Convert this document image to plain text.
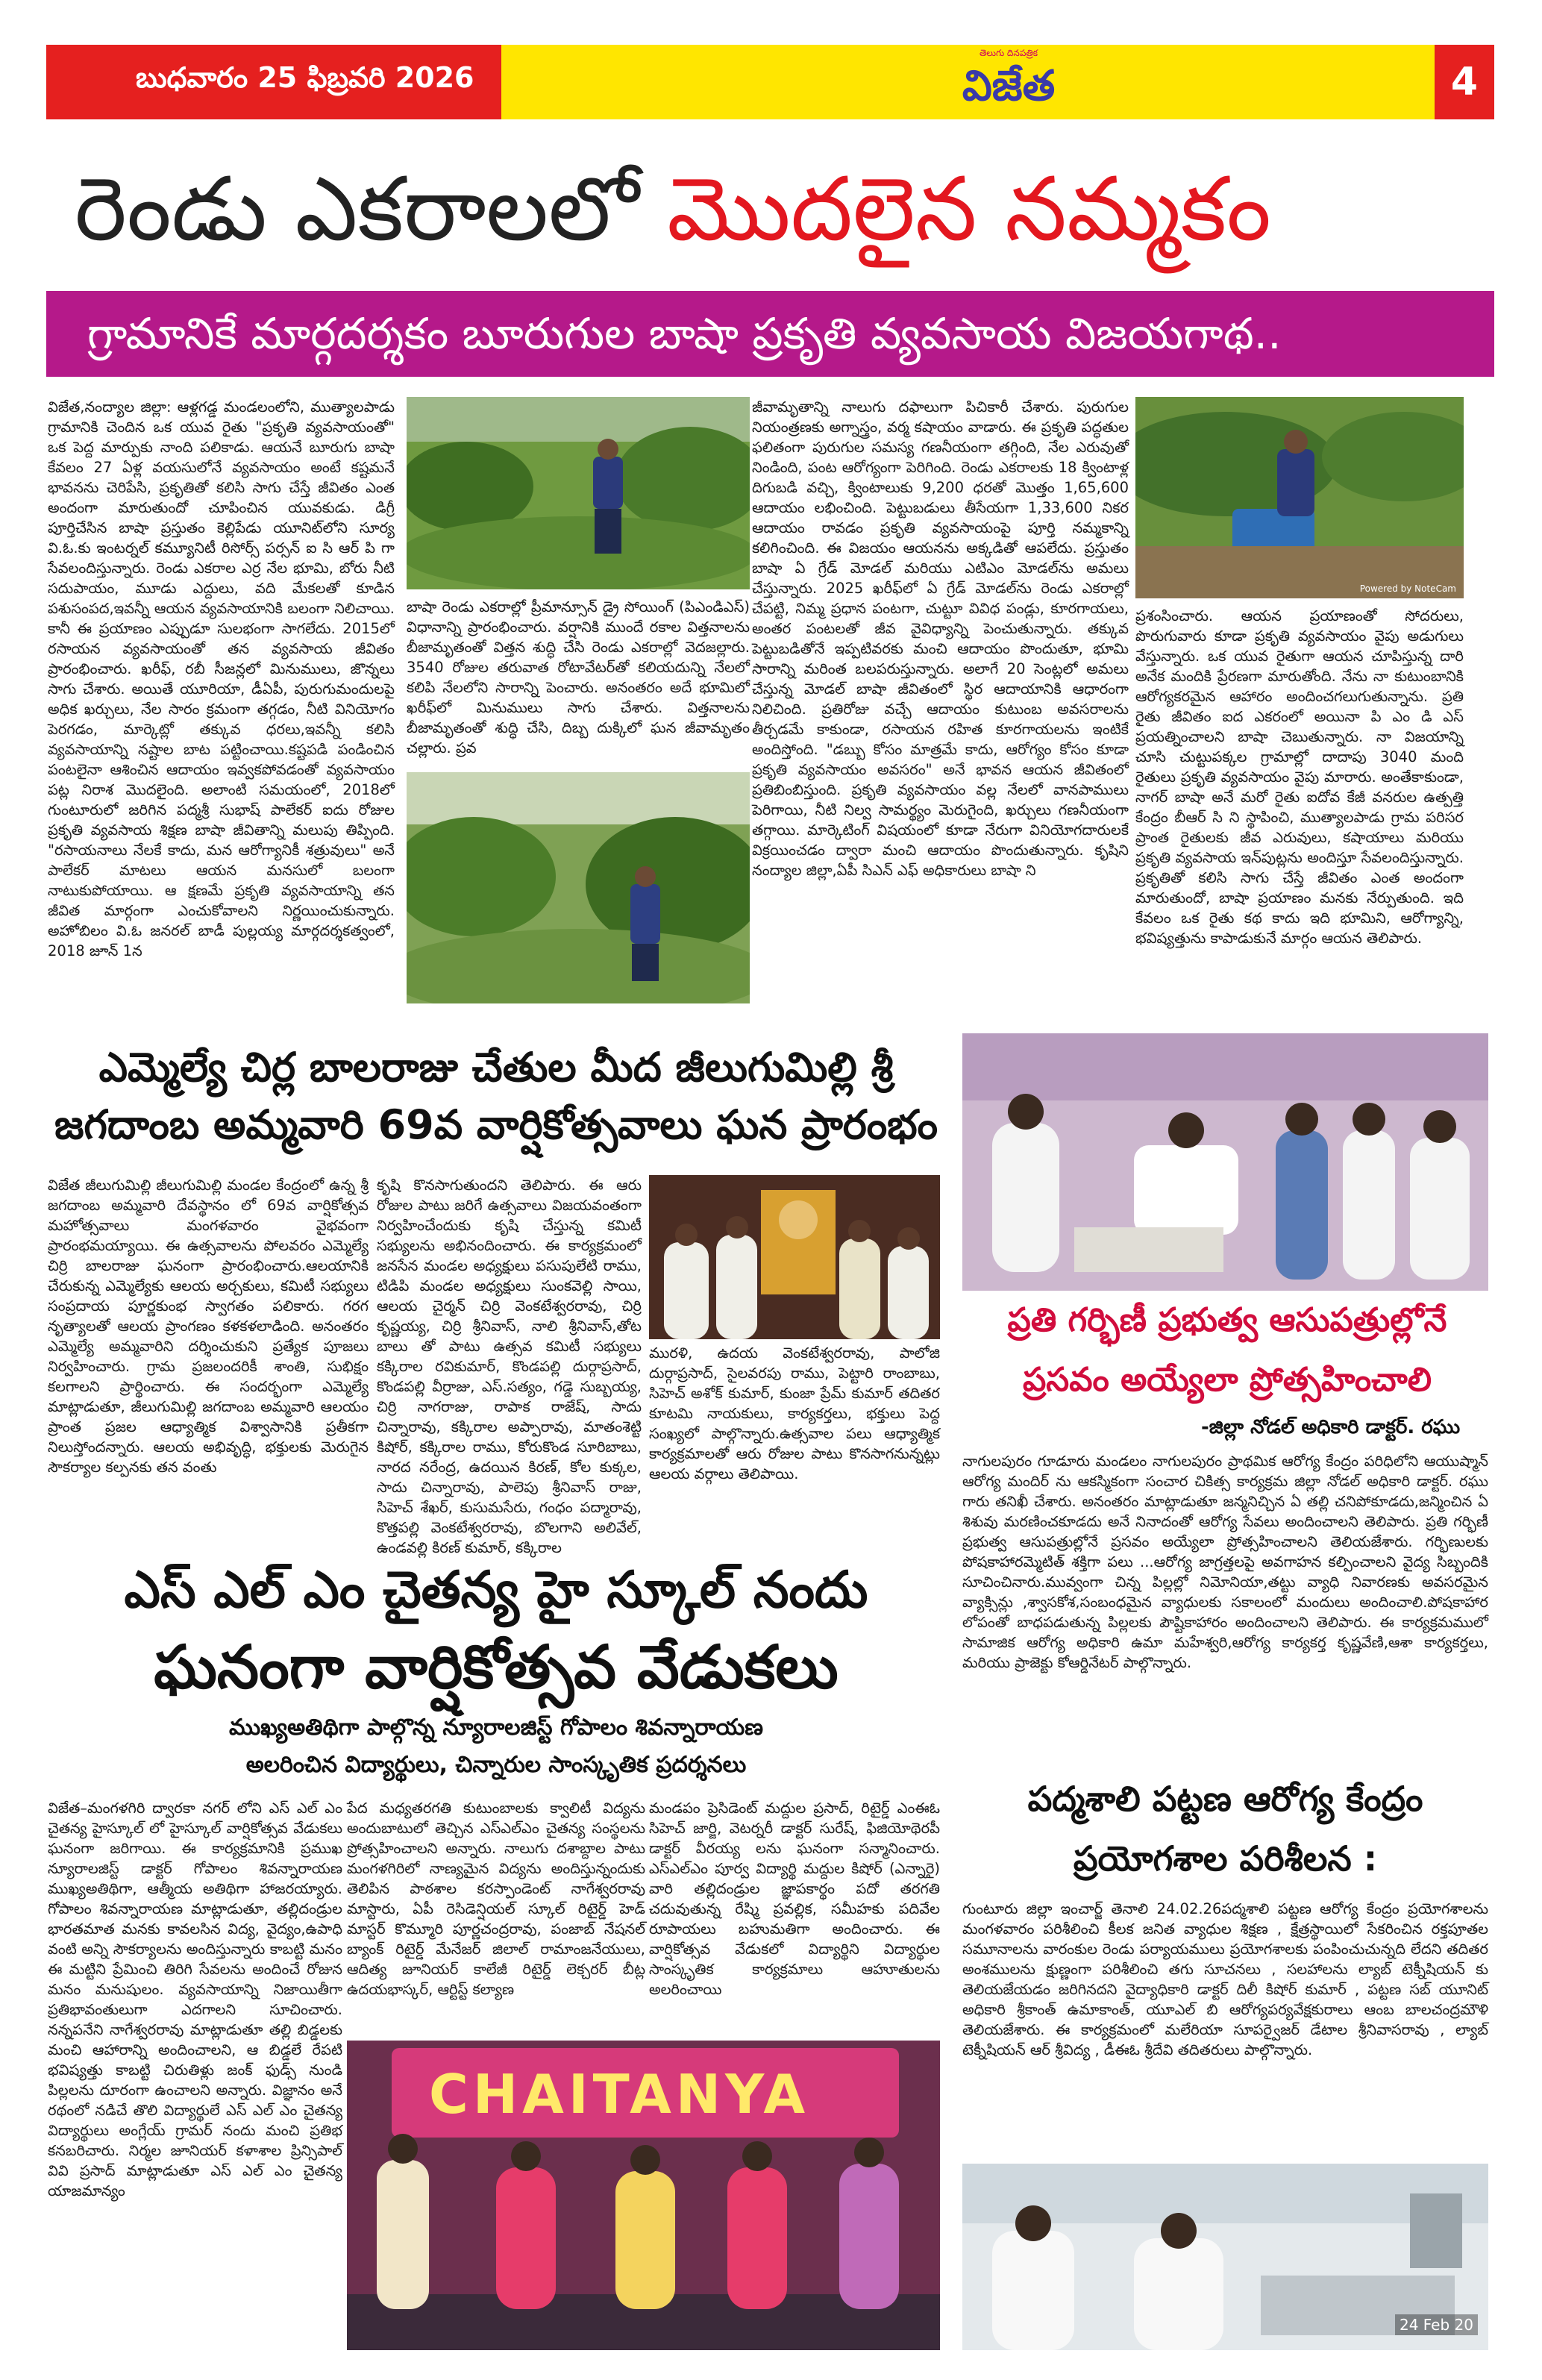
బుధవారం 25 ఫిబ్రవరి 2026
తెలుగు దినపత్రిక
విజేత	4
రెండు ఎకరాలలో మొదలైన నమ్మకం
గ్రామానికే మార్గదర్శకం బూరుగుల బాషా ప్రకృతి వ్యవసాయ విజయగాథ..
విజేత,నంద్యాల జిల్లా: ఆళ్లగడ్డ మండలంలోని, ముత్యాలపాడు గ్రామానికి చెందిన ఒక యువ రైతు "ప్రకృతి వ్యవసాయంతో" ఒక పెద్ద మార్పుకు నాంది పలికాడు. ఆయనే బూరుగు బాషా కేవలం 27 ఏళ్ల వయసులోనే వ్యవసాయం అంటే కష్టమనే భావనను చెరిపేసి, ప్రకృతితో కలిసి సాగు చేస్తే జీవితం ఎంత అందంగా మారుతుందో చూపించిన యువకుడు. డిగ్రీ పూర్తిచేసిన బాషా ప్రస్తుతం కెల్లిపేడు యూనిట్‌లోని సూర్య వి.ఓ.కు ఇంటర్నల్ కమ్యూనిటీ రిసోర్స్ పర్సన్ ఐ సి ఆర్ పి గా సేవలందిస్తున్నారు. రెండు ఎకరాల ఎర్ర నేల భూమి, బోరు నీటి సదుపాయం, మూడు ఎద్దులు, వది మేకలతో కూడిన పశుసంపద,ఇవన్నీ ఆయన వ్యవసాయానికి బలంగా నిలిచాయి. కానీ ఈ ప్రయాణం ఎప్పుడూ సులభంగా సాగలేదు. 2015లో రసాయన వ్యవసాయంతో తన వ్యవసాయ జీవితం ప్రారంభించారు. ఖరీఫ్, రబీ సీజన్లలో మినుములు, జొన్నలు సాగు చేశారు. అయితే యూరియా, డీఏపీ, పురుగుమందులపై అధిక ఖర్చులు, నేల సారం క్రమంగా తగ్గడం, నీటి వినియోగం పెరగడం, మార్కెట్లో తక్కువ ధరలు,ఇవన్నీ కలిసి వ్యవసాయాన్ని నష్టాల బాట పట్టించాయి.కష్టపడి పండించిన పంటలైనా ఆశించిన ఆదాయం ఇవ్వకపోవడంతో వ్యవసాయం పట్ల నిరాశ మొదలైంది. అలాంటి సమయంలో, 2018లో గుంటూరులో జరిగిన పద్మశ్రీ సుభాష్ పాలేకర్ ఐదు రోజుల ప్రకృతి వ్యవసాయ శిక్షణ బాషా జీవితాన్ని మలుపు తిప్పింది. "రసాయనాలు నేలకే కాదు, మన ఆరోగ్యానికీ శత్రువులు" అనే పాలేకర్ మాటలు ఆయన మనసులో బలంగా నాటుకుపోయాయి. ఆ క్షణమే ప్రకృతి వ్యవసాయాన్ని తన జీవిత మార్గంగా ఎంచుకోవాలని నిర్ణయించుకున్నారు. అహోబిలం వి.ఓ జనరల్ బాడీ పుల్లయ్య మార్గదర్శకత్వంలో, 2018 జూన్ 1న
బాషా రెండు ఎకరాల్లో ప్రీమాన్సూన్ డ్రై సోయింగ్ (పిఎండిఎస్) విధానాన్ని ప్రారంభించారు. వర్షానికి ముందే రకాల విత్తనాలను బీజామృతంతో విత్తన శుద్ధి చేసి రెండు ఎకరాల్లో వెదజల్లారు. 3540 రోజుల తరువాత రోటావేటర్‌తో కలియదున్ని నేలలో కలిపి నేలలోని సారాన్ని పెంచారు. అనంతరం అదే భూమిలో ఖరీఫ్‌లో మినుములు సాగు చేశారు. విత్తనాలను బీజామృతంతో శుద్ధి చేసి, దిబ్బ దుక్కిలో ఘన జీవామృతం చల్లారు. ప్రవ
జీవామృతాన్ని నాలుగు దఫాలుగా పిచికారీ చేశారు. పురుగుల నియంత్రణకు అగ్నాస్త్రం, వర్మ కషాయం వాడారు. ఈ ప్రకృతి పద్ధతుల ఫలితంగా పురుగుల సమస్య గణనీయంగా తగ్గింది, నేల ఎరువుతో నిండింది, పంట ఆరోగ్యంగా పెరిగింది. రెండు ఎకరాలకు 18 క్వింటాళ్ల దిగుబడి వచ్చి, క్వింటాలుకు 9,200 ధరతో మొత్తం 1,65,600 ఆదాయం లభించింది. పెట్టుబడులు తీసేయగా 1,33,600 నికర ఆదాయం రావడం ప్రకృతి వ్యవసాయంపై పూర్తి నమ్మకాన్ని కలిగించింది. ఈ విజయం ఆయనను అక్కడితో ఆపలేదు. ప్రస్తుతం బాషా ఏ గ్రేడ్ మోడల్ మరియు ఎటిఎం మోడల్‌ను అమలు చేస్తున్నారు. 2025 ఖరీఫ్‌లో ఏ గ్రేడ్ మోడల్‌ను రెండు ఎకరాల్లో చేపట్టి, నిమ్మ ప్రధాన పంటగా, చుట్టూ వివిధ పండ్లు, కూరగాయలు, అంతర పంటలతో జీవ వైవిధ్యాన్ని పెంచుతున్నారు. తక్కువ పెట్టుబడితోనే ఇప్పటివరకు మంచి ఆదాయం పొందుతూ, భూమి సారాన్ని మరింత బలపరుస్తున్నారు. అలాగే 20 సెంట్లలో అమలు చేస్తున్న మోడల్ బాషా జీవితంలో స్థిర ఆదాయానికి ఆధారంగా నిలిచింది. ప్రతిరోజు వచ్చే ఆదాయం కుటుంబ అవసరాలను తీర్చడమే కాకుండా, రసాయన రహిత కూరగాయలను ఇంటికే అందిస్తోంది. "డబ్బు కోసం మాత్రమే కాదు, ఆరోగ్యం కోసం కూడా ప్రకృతి వ్యవసాయం అవసరం" అనే భావన ఆయన జీవితంలో ప్రతిబింబిస్తుంది. ప్రకృతి వ్యవసాయం వల్ల నేలలో వానపాములు పెరిగాయి, నీటి నిల్వ సామర్థ్యం మెరుగైంది, ఖర్చులు గణనీయంగా తగ్గాయి. మార్కెటింగ్ విషయంలో కూడా నేరుగా వినియోగదారులకే విక్రయించడం ద్వారా మంచి ఆదాయం పొందుతున్నారు. కృషిని నంద్యాల జిల్లా,ఏపీ సిఎన్ ఎఫ్ అధికారులు బాషా ని
Powered by NoteCam
ప్రశంసించారు. ఆయన ప్రయాణంతో సోదరులు, పొరుగువారు కూడా ప్రకృతి వ్యవసాయం వైపు అడుగులు వేస్తున్నారు. ఒక యువ రైతుగా ఆయన చూపిస్తున్న దారి అనేక మందికి ప్రేరణగా మారుతోంది. నేను నా కుటుంబానికి ఆరోగ్యకరమైన ఆహారం అందించగలుగుతున్నాను. ప్రతి రైతు జీవితం ఐద ఎకరంలో అయినా పి ఎం డి ఎస్ ప్రయత్నించాలని బాషా చెబుతున్నారు. నా విజయాన్ని చూసి చుట్టుపక్కల గ్రామాల్లో దాదాపు 3040 మంది రైతులు ప్రకృతి వ్యవసాయం వైపు మారారు. అంతేకాకుండా, నాగర్ బాషా అనే మరో రైతు ఐదోవ కేజీ వనరుల ఉత్పత్తి కేంద్రం బీఆర్ సి ని స్థాపించి, ముత్యాలపాడు గ్రామ పరిసర ప్రాంత రైతులకు జీవ ఎరువులు, కషాయాలు మరియు ప్రకృతి వ్యవసాయ ఇన్‌పుట్లను అందిస్తూ సేవలందిస్తున్నారు. ప్రకృతితో కలిసి సాగు చేస్తే జీవితం ఎంత అందంగా మారుతుందో, బాషా ప్రయాణం మనకు నేర్పుతుంది. ఇది కేవలం ఒక రైతు కథ కాదు ఇది భూమిని, ఆరోగ్యాన్ని, భవిష్యత్తును కాపాడుకునే మార్గం ఆయన తెలిపారు.
ఎమ్మెల్యే చిర్ల బాలరాజు చేతుల మీద జీలుగుమిల్లి శ్రీ
జగదాంబ అమ్మవారి 69వ వార్షికోత్సవాలు ఘన ప్రారంభం
విజేత జీలుగుమిల్లి జీలుగుమిల్లి మండల కేంద్రంలో ఉన్న శ్రీ జగదాంబ అమ్మవారి దేవస్థానం లో 69వ వార్షికోత్సవ మహోత్సవాలు మంగళవారం వైభవంగా ప్రారంభమయ్యాయి. ఈ ఉత్సవాలను పోలవరం ఎమ్మెల్యే చిర్రి బాలరాజు ఘనంగా ప్రారంభించారు.ఆలయానికి చేరుకున్న ఎమ్మెల్యేకు ఆలయ అర్చకులు, కమిటీ సభ్యులు సంప్రదాయ పూర్ణకుంభ స్వాగతం పలికారు. గరగ నృత్యాలతో ఆలయ ప్రాంగణం కళకళలాడింది. అనంతరం ఎమ్మెల్యే అమ్మవారిని దర్శించుకుని ప్రత్యేక పూజలు నిర్వహించారు. గ్రామ ప్రజలందరికీ శాంతి, సుభిక్షం కలగాలని ప్రార్థించారు. ఈ సందర్భంగా ఎమ్మెల్యే మాట్లాడుతూ, జీలుగుమిల్లి జగదాంబ అమ్మవారి ఆలయం ప్రాంత ప్రజల ఆధ్యాత్మిక విశ్వాసానికి ప్రతీకగా నిలుస్తోందన్నారు. ఆలయ అభివృద్ధి, భక్తులకు మెరుగైన సౌకర్యాల కల్పనకు తన వంతు
కృషి కొనసాగుతుందని తెలిపారు. ఈ ఆరు రోజుల పాటు జరిగే ఉత్సవాలు విజయవంతంగా నిర్వహించేందుకు కృషి చేస్తున్న కమిటీ సభ్యులను అభినందించారు. ఈ కార్యక్రమంలో జనసేన మండల అధ్యక్షులు పసుపులేటి రాము, టిడిపి మండల అధ్యక్షులు సుంకవెల్లి సాయి, ఆలయ చైర్మన్ చిర్రి వెంకటేశ్వరరావు, చిర్రి కృష్ణయ్య, చిర్రి శ్రీనివాస్, నాలి శ్రీనివాస్,తోట బాలు తో పాటు ఉత్సవ కమిటీ సభ్యులు కక్కిరాల రవికుమార్, కొండపల్లి దుర్గాప్రసాద్, కొండపల్లి వీర్రాజు, ఎస్.సత్యం, గడ్డె సుబ్బయ్య, చిర్రి నాగరాజు, రాపాక రాజేష్, సాదు చిన్నారావు, కక్కిరాల అప్పారావు, మాతంశెట్టి కిషోర్, కక్కిరాల రాము, కోరుకొండ సూరిబాబు, నారద నరేంద్ర, ఉదయిన కిరణ్, కోల కుక్కల, సాదు చిన్నారావు, పాలెపు శ్రీనివాస్ రాజు, సిహెచ్ శేఖర్, కుసుమసేరు, గంధం పద్మారావు, కొత్తపల్లి వెంకటేశ్వరరావు, బొలగాని అలివేల్, ఉండవల్లి కిరణ్ కుమార్, కక్కిరాల
మురళి, ఉదయ వెంకటేశ్వరరావు, పాలోజి దుర్గాప్రసాద్, సైలవరపు రాము, పెట్టారి రాంబాబు, సిహెచ్ అశోక్ కుమార్, కుంజా ప్రేమ్ కుమార్ తదితర కూటమి నాయకులు, కార్యకర్తలు, భక్తులు పెద్ద సంఖ్యలో పాల్గొన్నారు.ఉత్సవాల పలు ఆధ్యాత్మిక కార్యక్రమాలతో ఆరు రోజుల పాటు కొనసాగనున్నట్లు ఆలయ వర్గాలు తెలిపాయి.
ప్రతి గర్భిణీ ప్రభుత్వ ఆసుపత్రుల్లోనే
ప్రసవం అయ్యేలా ప్రోత్సహించాలి
-జిల్లా నోడల్ అధికారి డాక్టర్. రఘు
నాగులపురం గూడూరు మండలం నాగులపురం ప్రాథమిక ఆరోగ్య కేంద్రం పరిధిలోని ఆయుష్మాన్ ఆరోగ్య మందిర్ ను ఆకస్మికంగా సంచార చికిత్స కార్యక్రమ జిల్లా నోడల్ అధికారి డాక్టర్. రఘు గారు తనిఖీ చేశారు. అనంతరం మాట్లాడుతూ జన్మనిచ్చిన ఏ తల్లి చనిపోకూడదు,జన్మించిన ఏ శిశువు మరణించకూడదు అనే నినాదంతో ఆరోగ్య సేవలు అందించాలని తెలిపారు. ప్రతి గర్భిణీ ప్రభుత్వ ఆసుపత్రుల్లోనే ప్రసవం అయ్యేలా ప్రోత్సహించాలని తెలియజేశారు. గర్భిణులకు పోషకాహారమ్మెటిత్ శక్తిగా పలు ...ఆరోగ్య జాగ్రత్తలపై అవగాహన కల్పించాలని వైద్య సిబ్బందికి సూచించినారు.మువ్వంగా చిన్న పిల్లల్లో నిమోనియా,తట్టు వ్యాధి నివారణకు అవసరమైన వ్యాక్సిన్లు ,శ్వాసకోశ,సంబంధమైన వ్యాధులకు సకాలంలో మందులు అందించాలి.పోషకాహార లోపంతో బాధపడుతున్న పిల్లలకు పౌష్టికాహారం అందించాలని తెలిపారు. ఈ కార్యక్రమములో సామాజిక ఆరోగ్య అధికారి ఉమా మహేశ్వరి,ఆరోగ్య కార్యకర్త కృష్ణవేణి,ఆశా కార్యకర్తలు, మరియు ప్రాజెక్టు కోఆర్డినేటర్ పాల్గొన్నారు.
ఎస్ ఎల్ ఎం చైతన్య హై స్కూల్ నందు
ఘనంగా వార్షికోత్సవ వేడుకలు
ముఖ్యఅతిథిగా పాల్గొన్న న్యూరాలజిస్ట్ గోపాలం శివన్నారాయణ
అలరించిన విద్యార్థులు, చిన్నారుల సాంస్కృతిక ప్రదర్శనలు
విజేత–మంగళగిరి ద్వారకా నగర్ లోని ఎస్ ఎల్ ఎం చైతన్య హైస్కూల్ లో హైస్కూల్ వార్షికోత్సవ వేడుకలు ఘనంగా జరిగాయి. ఈ కార్యక్రమానికి ప్రముఖ న్యూరాలజిస్ట్ డాక్టర్ గోపాలం శివన్నారాయణ ముఖ్యఅతిథిగా, ఆత్మీయ అతిథిగా హాజరయ్యారు. గోపాలం శివన్నారాయణ మాట్లాడుతూ, తల్లిదండ్రుల భారతమాత మనకు కావలసిన విద్య, వైద్యం,ఉపాధి వంటి అన్ని సౌకర్యాలను అందిస్తున్నారు కాబట్టి మనం ఈ మట్టిని ప్రేమించి తిరిగి సేవలను అందించే రోజున మనం మనుషులం. వ్యవసాయాన్ని నిజాయితీగా ప్రతిభావంతులుగా ఎదగాలని సూచించారు. నన్నపనేని నాగేశ్వరరావు మాట్లాడుతూ తల్లి బిడ్డలకు మంచి ఆహారాన్ని అందించాలని, ఆ బిడ్డలే రేపటి భవిష్యత్తు కాబట్టి చిరుతిళ్లు జంక్ ఫుడ్స్ నుండి పిల్లలను దూరంగా ఉంచాలని అన్నారు. విజ్ఞానం అనే రథంలో నడిచే తొలి విద్యార్థులే ఎస్ ఎల్ ఎం చైతన్య విద్యార్థులు అంగ్లేయ్ గ్రామర్ నందు మంచి ప్రతిభ కనబరిచారు. నిర్మల జూనియర్ కళాశాల ప్రిన్సిపాల్ వివి ప్రసాద్ మాట్లాడుతూ ఎస్ ఎల్ ఎం చైతన్య యాజమాన్యం
పేద మధ్యతరగతి కుటుంబాలకు క్వాలిటీ విద్యను అందుబాటులో తెచ్చిన ఎస్ఎల్ఎం చైతన్య సంస్థలను ప్రోత్సహించాలని అన్నారు. నాలుగు దశాబ్దాల పాటు మంగళగిరిలో నాణ్యమైన విద్యను అందిస్తున్నందుకు తెలిపిన పాఠశాల కరస్పాండెంట్ నాగేశ్వరరావు మాస్టారు, ఏపీ రెసిడెన్షియల్ స్కూల్ రిటైర్డ్ హెడ్ మాస్టర్ కొమ్మూరి పూర్ణచంద్రరావు, పంజాబ్ నేషనల్ బ్యాంక్ రిటైర్డ్ మేనేజర్ జిలాల్ రామాంజనేయులు, ఆదిత్య జూనియర్ కాలేజీ రిటైర్డ్ లెక్చరర్ బీట్ల ఉదయభాస్కర్, ఆర్టిస్ట్ కల్యాణ
మండపం ప్రెసిడెంట్ మద్దుల ప్రసాద్, రిటైర్డ్ ఎంఈఓ సిహెచ్ జార్జి, వెటర్నరీ డాక్టర్ సురేష్, ఫిజియోథెరపీ డాక్టర్ వీరయ్య లను ఘనంగా సన్మానించారు. ఎస్ఎల్ఎం పూర్వ విద్యార్థి మద్దుల కిషోర్ (ఎన్నారై) వారి తల్లిదండ్రుల జ్ఞాపకార్థం పదో తరగతి చదువుతున్న రేష్మి ప్రవల్లిక, సమీహకు పదివేల రూపాయలు బహుమతిగా అందించారు. ఈ వార్షికోత్సవ వేడుకలో విద్యార్థిని విద్యార్థుల సాంస్కృతిక కార్యక్రమాలు ఆహూతులను అలరించాయి
CHAITANYA
పద్మశాలి పట్టణ ఆరోగ్య కేంద్రం
ప్రయోగశాల పరిశీలన :
గుంటూరు జిల్లా ఇంచార్జ్ తెనాలి 24.02.26పద్మశాలి పట్టణ ఆరోగ్య కేంద్రం ప్రయోగశాలను మంగళవారం పరిశీలించి కీలక జనిత వ్యాధుల శిక్షణ , క్షేత్రస్థాయిలో సేకరించిన రక్తపూతల సమూనాలను వారంకుల రెండు పర్యాయములు ప్రయోగశాలకు పంపించుచున్నది లేదని తదితర అంశములను క్షుణ్ణంగా పరిశీలించి తగు సూచనలు , సలహాలను ల్యాబ్ టెక్నీషియన్ కు తెలియజేయడం జరిగినదని వైద్యాధికారి డాక్టర్ దిలీ కిషోర్ కుమార్ , పట్టణ సబ్ యూనిట్ అధికారి శ్రీకాంత్ ఉమాకాంత్, యూఎల్ బి ఆరోగ్యపర్యవేక్షకురాలు ఆంబ బాలచంద్రమౌళి తెలియజేశారు. ఈ కార్యక్రమంలో మలేరియా సూపర్వైజర్ డేటాల శ్రీనివాసరావు , ల్యాబ్ టెక్నీషియన్ ఆర్ శ్రీవిద్య , డీఈఓ శ్రీదేవి తదితరులు పాల్గొన్నారు.
24 Feb 20
